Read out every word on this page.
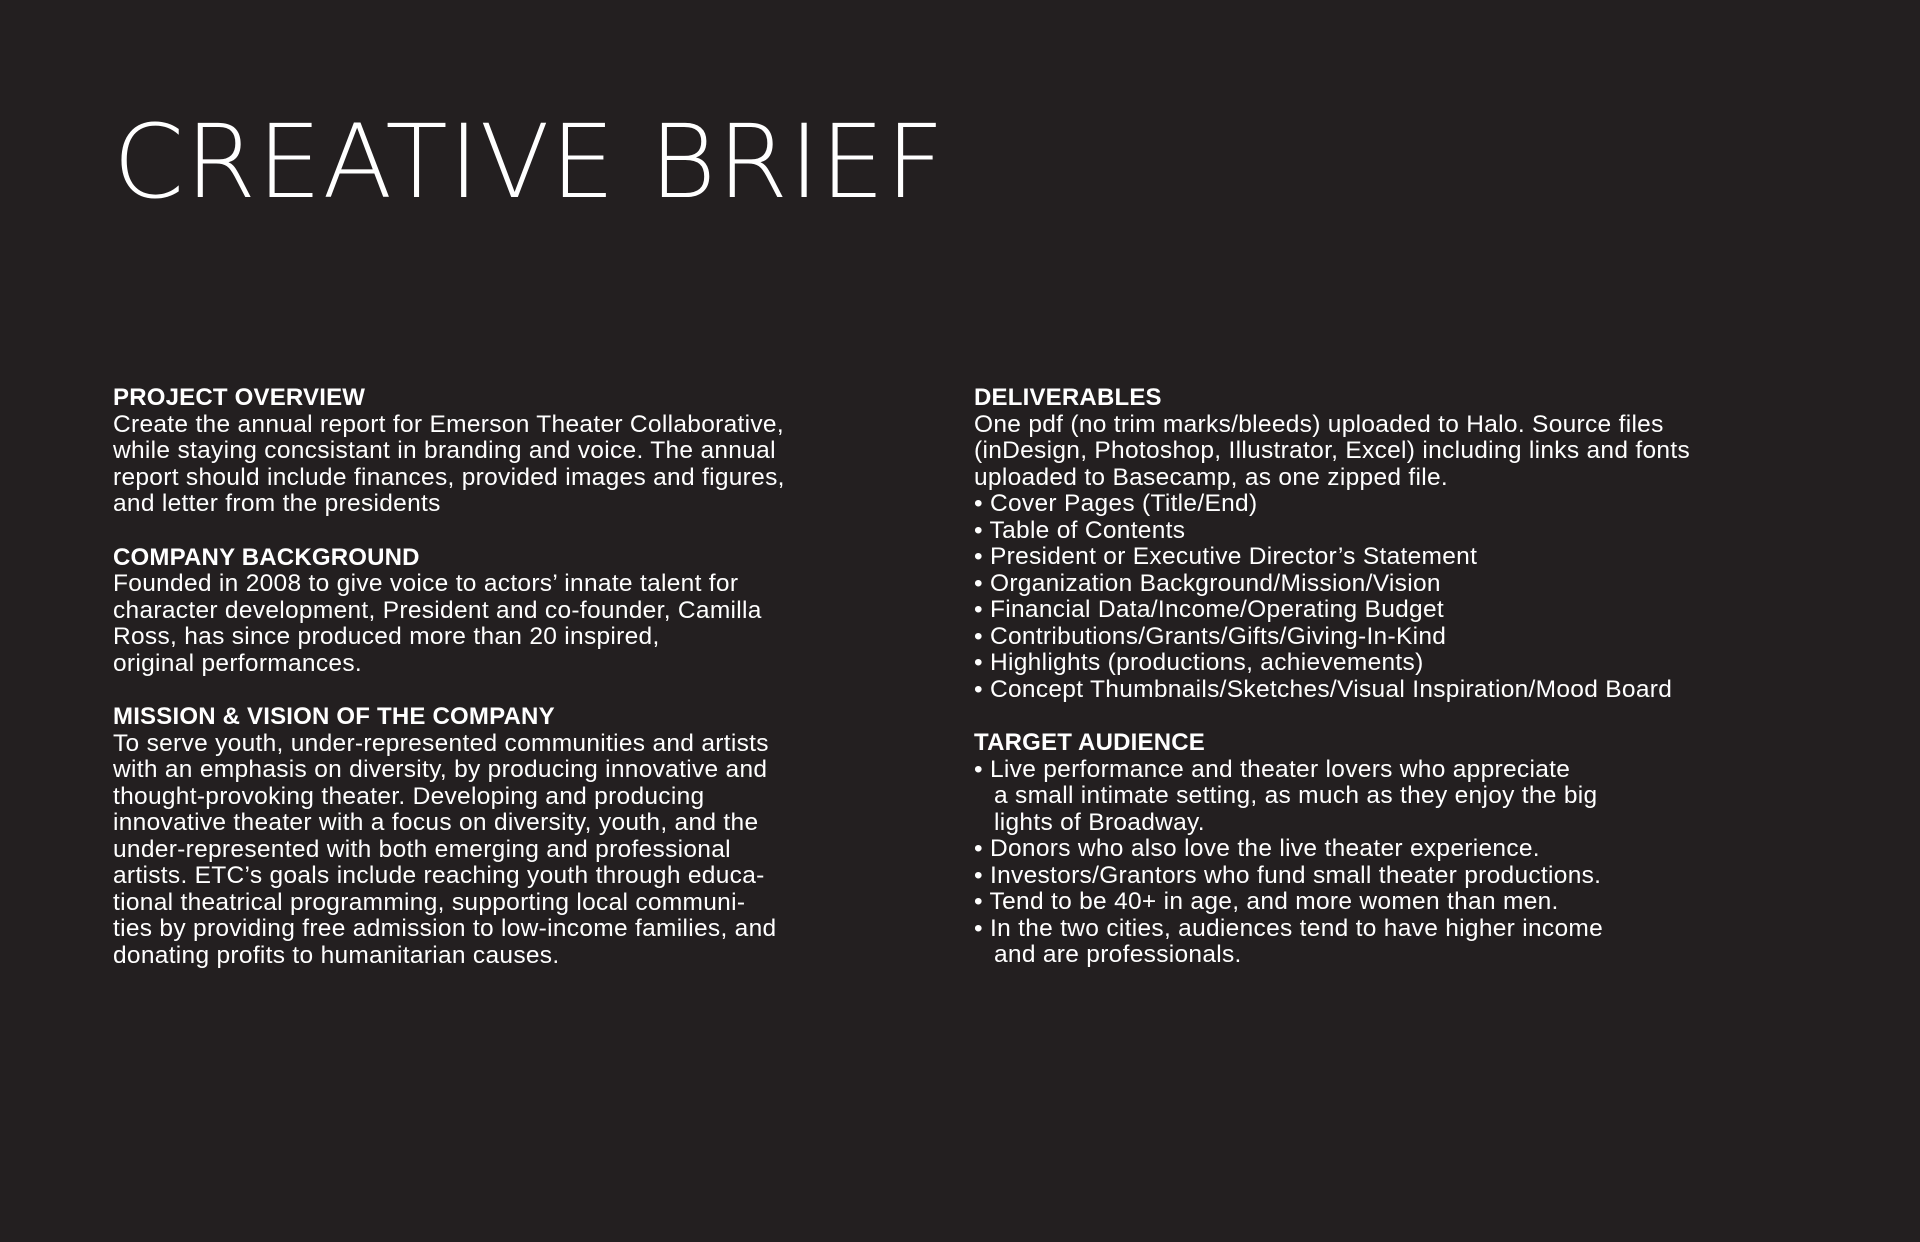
CREATIVE BRIEF

PROJECT OVERVIEW

Create the annual report for Emerson Theater Collaborative,

while staying concsistant in branding and voice. The annual

report should include finances, provided images and figures,

and letter from the presidents

COMPANY BACKGROUND

Founded in 2008 to give voice to actors’ innate talent for

character development, President and co-founder, Camilla

Ross, has since produced more than 20 inspired,

original performances.

MISSION & VISION OF THE COMPANY

To serve youth, under-represented communities and artists

with an emphasis on diversity, by producing innovative and

thought-provoking theater. Developing and producing

innovative theater with a focus on diversity, youth, and the

under-represented with both emerging and professional

artists. ETC’s goals include reaching youth through educa-

tional theatrical programming, supporting local communi-

ties by providing free admission to low-income families, and

donating profits to humanitarian causes.

DELIVERABLES

One pdf (no trim marks/bleeds) uploaded to Halo. Source files

(inDesign, Photoshop, Illustrator, Excel) including links and fonts

uploaded to Basecamp, as one zipped file.

• Cover Pages (Title/End)

• Table of Contents

• President or Executive Director’s Statement

• Organization Background/Mission/Vision

• Financial Data/Income/Operating Budget

• Contributions/Grants/Gifts/Giving-In-Kind

• Highlights (productions, achievements)

• Concept Thumbnails/Sketches/Visual Inspiration/Mood Board

TARGET AUDIENCE

• Live performance and theater lovers who appreciate

a small intimate setting, as much as they enjoy the big

lights of Broadway.

• Donors who also love the live theater experience.

• Investors/Grantors who fund small theater productions.

• Tend to be 40+ in age, and more women than men.

• In the two cities, audiences tend to have higher income

and are professionals.
